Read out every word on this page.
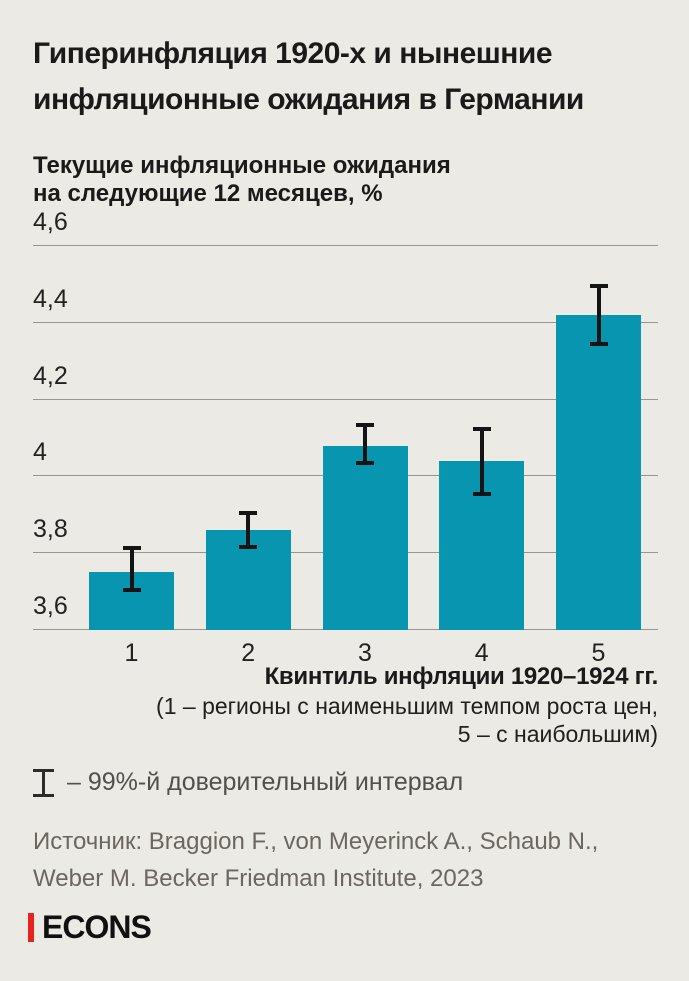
Гиперинфляция 1920-х и нынешние
инфляционные ожидания в Германии
Текущие инфляционные ожидания
на следующие 12 месяцев, %
3,6
3,8
4
4,2
4,4
4,6
1	2	3	4	5
Квинтиль инфляции 1920–1924 гг.
(1 – регионы с наименьшим темпом роста цен,
5 – с наибольшим)
– 99%-й доверительный интервал
Источник: Braggion F., von Meyerinck A., Schaub N.,
Weber M. Becker Friedman Institute, 2023
ECONS
